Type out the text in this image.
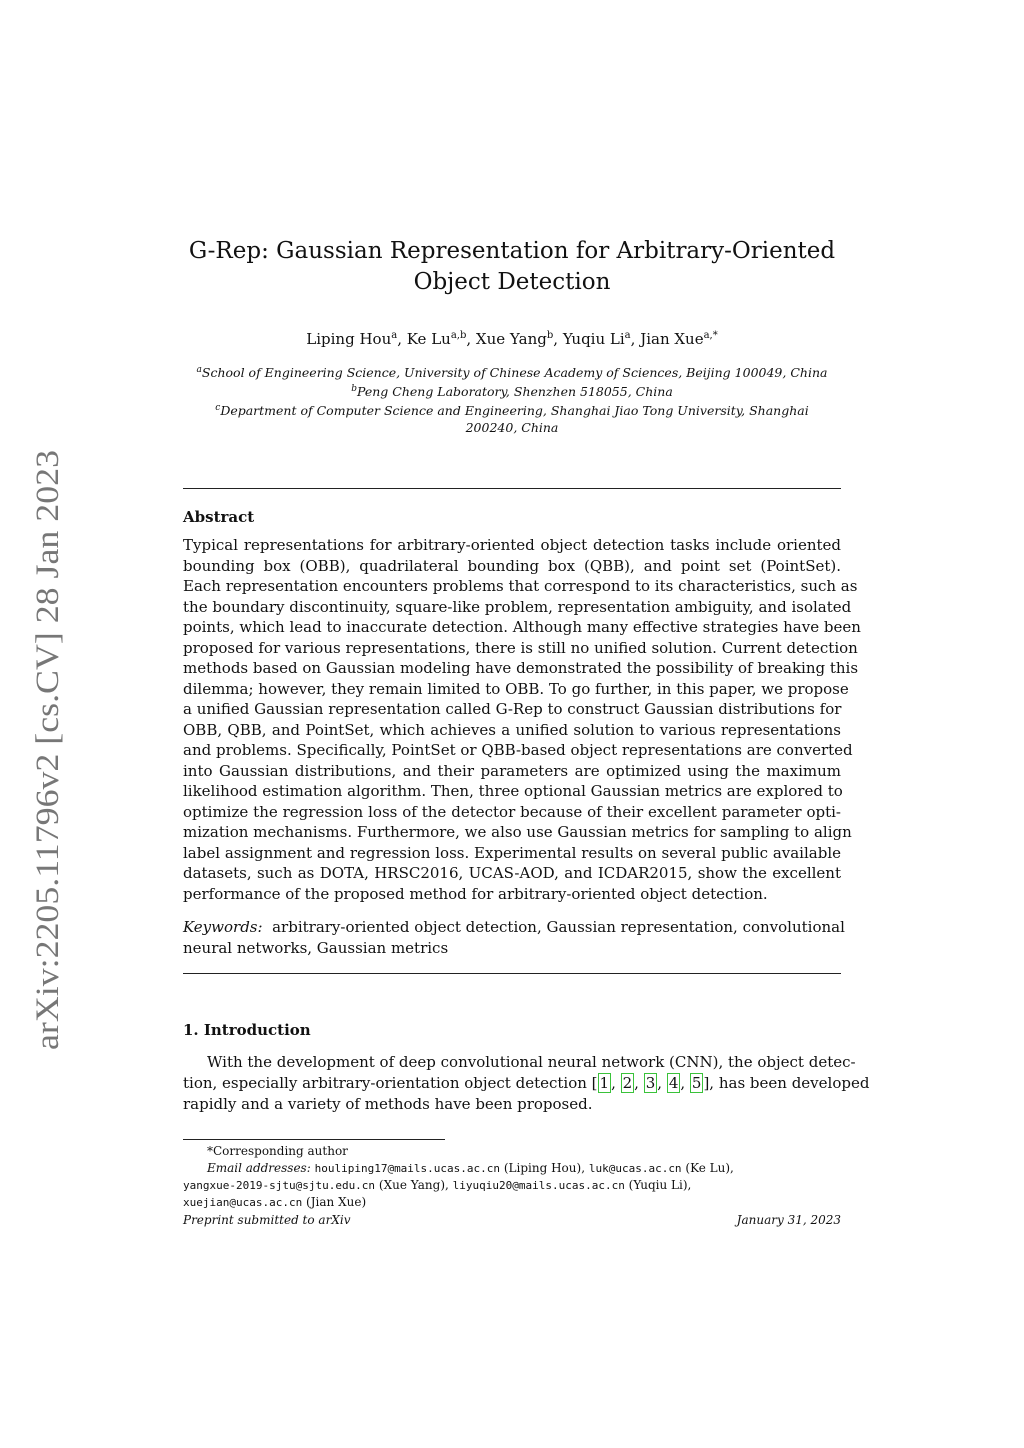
arXiv:2205.11796v2 [cs.CV] 28 Jan 2023
G-Rep: Gaussian Representation for Arbitrary-Oriented
Object Detection
Liping Hou$^a$, Ke Lu$^{a,b}$, Xue Yang$^b$, Yuqiu Li$^a$, Jian Xue$^{a,*}$
$^a$School of Engineering Science, University of Chinese Academy of Sciences, Beijing 100049, China
$^b$Peng Cheng Laboratory, Shenzhen 518055, China
$^c$Department of Computer Science and Engineering, Shanghai Jiao Tong University, Shanghai
200240, China
Abstract
Typical representations for arbitrary-oriented object detection tasks include oriented
bounding box (OBB), quadrilateral bounding box (QBB), and point set (PointSet).
Each representation encounters problems that correspond to its characteristics, such as
the boundary discontinuity, square-like problem, representation ambiguity, and isolated
points, which lead to inaccurate detection. Although many effective strategies have been
proposed for various representations, there is still no unified solution. Current detection
methods based on Gaussian modeling have demonstrated the possibility of breaking this
dilemma; however, they remain limited to OBB. To go further, in this paper, we propose
a unified Gaussian representation called G-Rep to construct Gaussian distributions for
OBB, QBB, and PointSet, which achieves a unified solution to various representations
and problems. Specifically, PointSet or QBB-based object representations are converted
into Gaussian distributions, and their parameters are optimized using the maximum
likelihood estimation algorithm. Then, three optional Gaussian metrics are explored to
optimize the regression loss of the detector because of their excellent parameter opti-
mization mechanisms. Furthermore, we also use Gaussian metrics for sampling to align
label assignment and regression loss. Experimental results on several public available
datasets, such as DOTA, HRSC2016, UCAS-AOD, and ICDAR2015, show the excellent
performance of the proposed method for arbitrary-oriented object detection.
Keywords: arbitrary-oriented object detection, Gaussian representation, convolutional
neural networks, Gaussian metrics
1. Introduction
With the development of deep convolutional neural network (CNN), the object detec-
tion, especially arbitrary-orientation object detection [ 1 , 2 , 3 , 4 , 5 ], has been developed
rapidly and a variety of methods have been proposed.
*Corresponding author
Email addresses: houliping17@mails.ucas.ac.cn (Liping Hou), luk@ucas.ac.cn (Ke Lu),
yangxue-2019-sjtu@sjtu.edu.cn (Xue Yang), liyuqiu20@mails.ucas.ac.cn (Yuqiu Li),
xuejian@ucas.ac.cn (Jian Xue)
Preprint submitted to arXiv	January 31, 2023
